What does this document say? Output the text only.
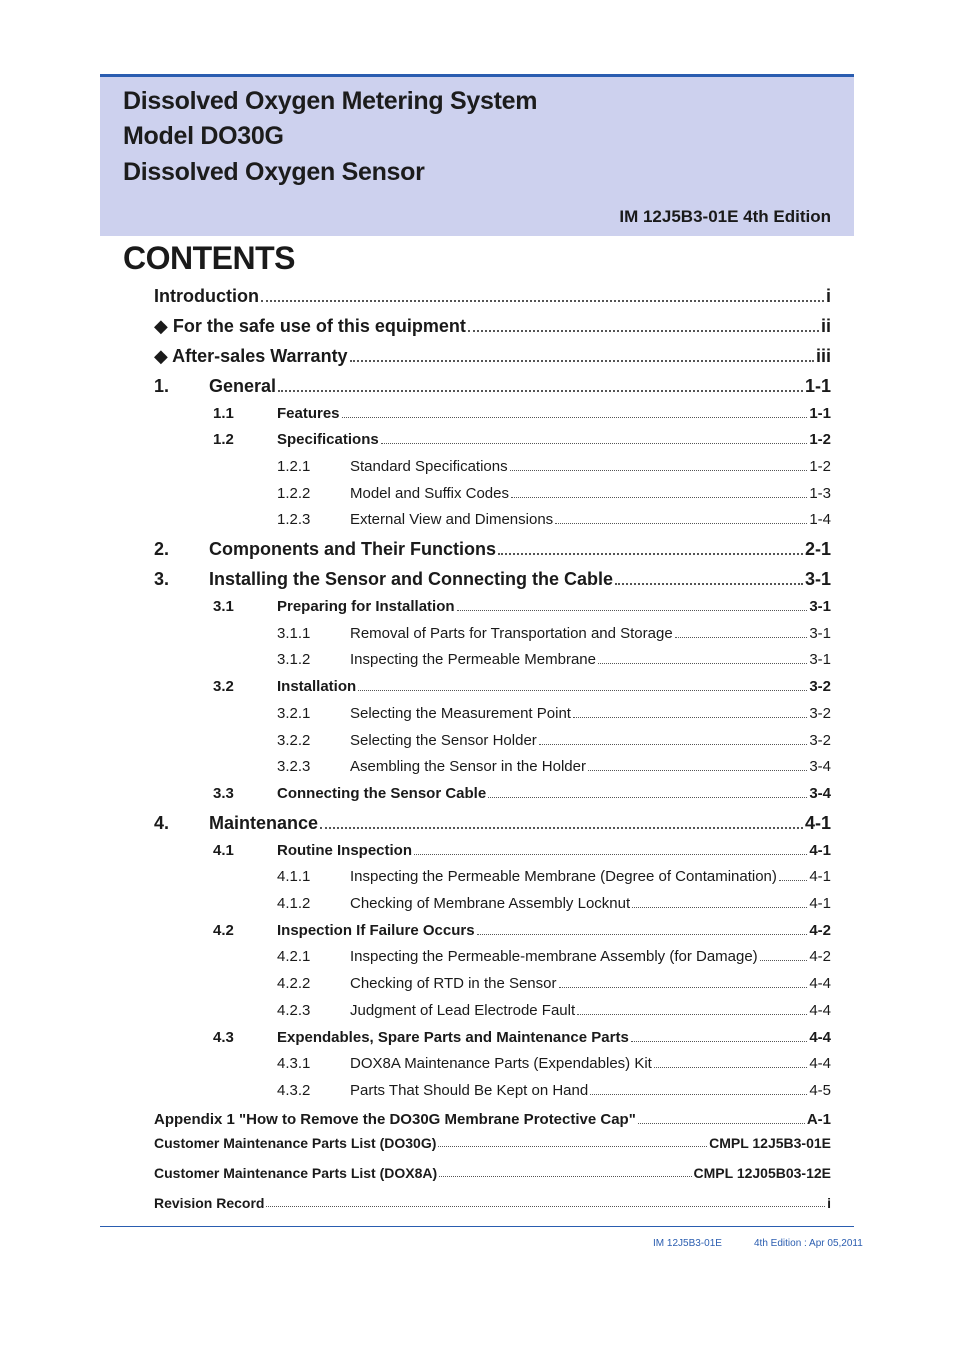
Dissolved Oxygen Metering System
Model DO30G
Dissolved Oxygen Sensor
IM 12J5B3-01E 4th Edition
CONTENTS
Introduction	i
◆ For the safe use of this equipment	ii
◆ After-sales Warranty	iii
1.	General	1-1
1.1	Features	1-1
1.2	Specifications	1-2
1.2.1	Standard Specifications	1-2
1.2.2	Model and Suffix Codes	1-3
1.2.3	External View and Dimensions	1-4
2.	Components and Their Functions	2-1
3.	Installing the Sensor and Connecting the Cable	3-1
3.1	Preparing for Installation	3-1
3.1.1	Removal of Parts for Transportation and Storage	3-1
3.1.2	Inspecting the Permeable Membrane	3-1
3.2	Installation	3-2
3.2.1	Selecting the Measurement Point	3-2
3.2.2	Selecting the Sensor Holder	3-2
3.2.3	Asembling the Sensor in the Holder	3-4
3.3	Connecting the Sensor Cable	3-4
4.	Maintenance	4-1
4.1	Routine Inspection	4-1
4.1.1	Inspecting the Permeable Membrane (Degree of Contamination) 4-1
4.1.2	Checking of Membrane Assembly Locknut	4-1
4.2	Inspection If Failure Occurs	4-2
4.2.1	Inspecting the Permeable-membrane Assembly (for Damage)	4-2
4.2.2	Checking of RTD in the Sensor	4-4
4.2.3	Judgment of Lead Electrode Fault	4-4
4.3	Expendables, Spare Parts and Maintenance Parts	4-4
4.3.1	DOX8A Maintenance Parts (Expendables) Kit	4-4
4.3.2	Parts That Should Be Kept on Hand	4-5
Appendix 1 "How to Remove the DO30G Membrane Protective Cap"	A-1
Customer Maintenance Parts List (DO30G)	CMPL 12J5B3-01E
Customer Maintenance Parts List (DOX8A)	CMPL 12J05B03-12E
Revision Record	i
IM 12J5B3-01E	4th Edition : Apr 05,2011
